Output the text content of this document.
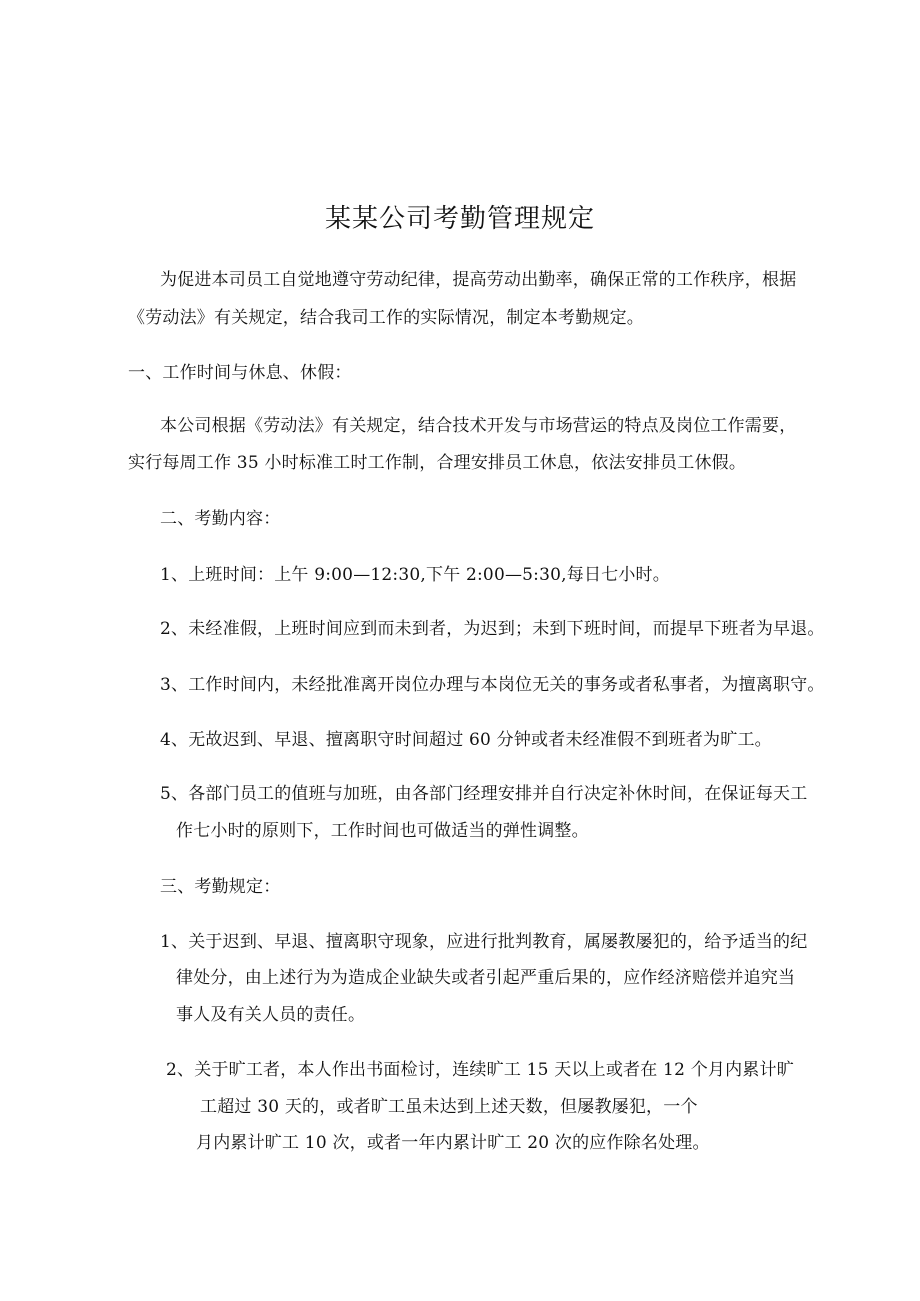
某某公司考勤管理规定
为促进本司员工自觉地遵守劳动纪律，提高劳动出勤率，确保正常的工作秩序，根据
《劳动法》有关规定，结合我司工作的实际情况，制定本考勤规定。
一、工作时间与休息、休假：
本公司根据《劳动法》有关规定，结合技术开发与市场营运的特点及岗位工作需要，
实行每周工作 35 小时标准工时工作制，合理安排员工休息，依法安排员工休假。
二、考勤内容：
1、上班时间：上午 9:00—12:30,下午 2:00—5:30,每日七小时。
2、未经准假，上班时间应到而未到者，为迟到；未到下班时间，而提早下班者为早退。
3、工作时间内，未经批准离开岗位办理与本岗位无关的事务或者私事者，为擅离职守。
4、无故迟到、早退、擅离职守时间超过 60 分钟或者未经准假不到班者为旷工。
5、各部门员工的值班与加班，由各部门经理安排并自行决定补休时间，在保证每天工
作七小时的原则下，工作时间也可做适当的弹性调整。
三、考勤规定：
1、关于迟到、早退、擅离职守现象，应进行批判教育，属屡教屡犯的，给予适当的纪
律处分，由上述行为为造成企业缺失或者引起严重后果的，应作经济赔偿并追究当
事人及有关人员的责任。
2、关于旷工者，本人作出书面检讨，连续旷工 15 天以上或者在 12 个月内累计旷
工超过 30 天的，或者旷工虽未达到上述天数，但屡教屡犯，一个
月内累计旷工 10 次，或者一年内累计旷工 20 次的应作除名处理。
